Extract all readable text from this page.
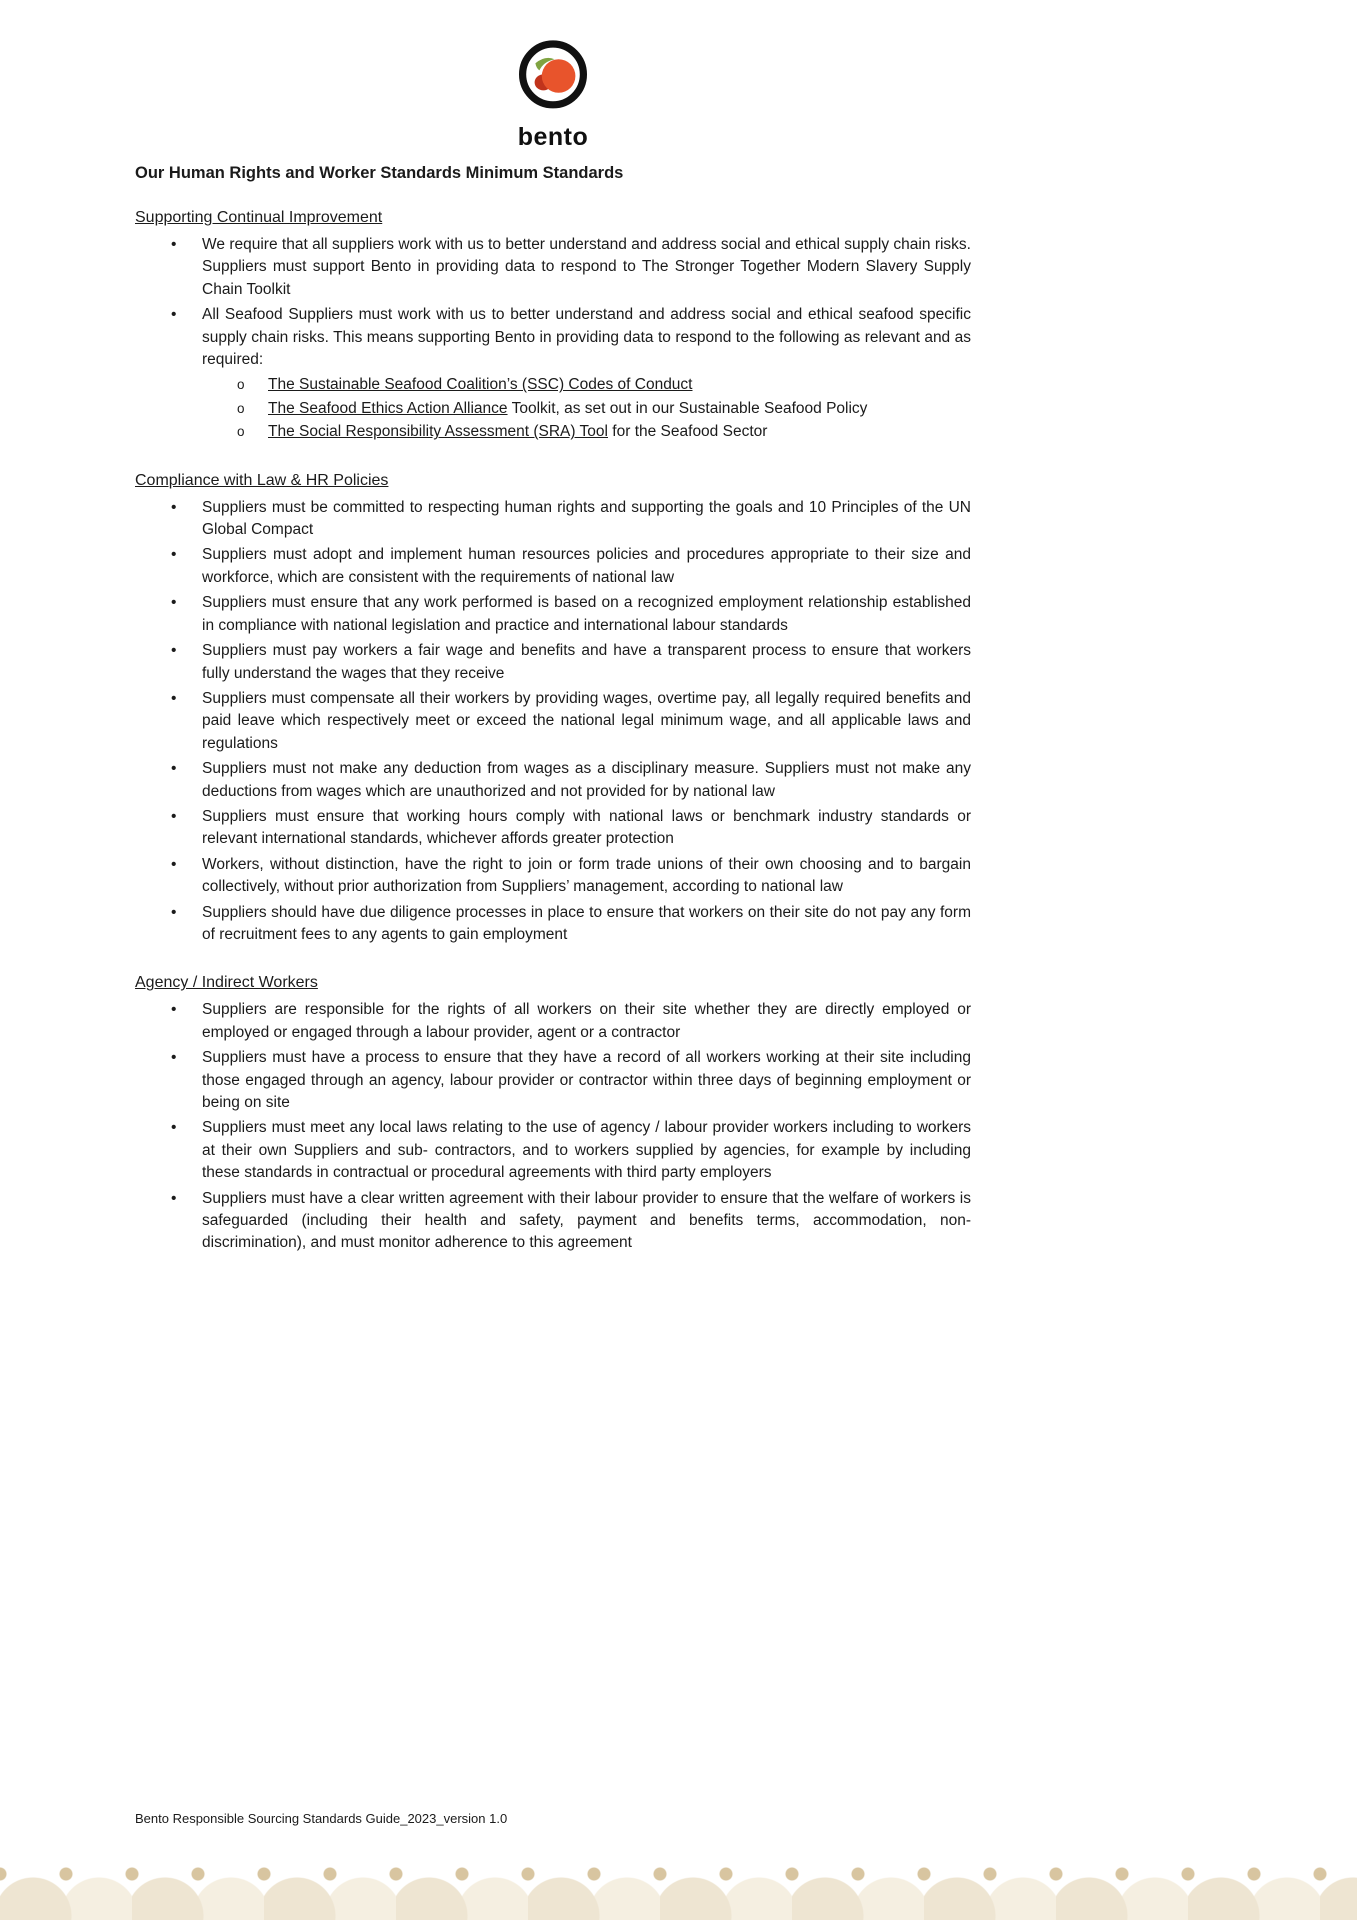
bento
Our Human Rights and Worker Standards Minimum Standards
Supporting Continual Improvement
• We require that all suppliers work with us to better understand and address social and ethical supply chain risks. Suppliers must support Bento in providing data to respond to The Stronger Together Modern Slavery Supply Chain Toolkit
• All Seafood Suppliers must work with us to better understand and address social and ethical seafood specific supply chain risks. This means supporting Bento in providing data to respond to the following as relevant and as required:
o The Sustainable Seafood Coalition’s (SSC) Codes of Conduct
o The Seafood Ethics Action Alliance Toolkit, as set out in our Sustainable Seafood Policy
o The Social Responsibility Assessment (SRA) Tool for the Seafood Sector
Compliance with Law & HR Policies
• Suppliers must be committed to respecting human rights and supporting the goals and 10 Principles of the UN Global Compact
• Suppliers must adopt and implement human resources policies and procedures appropriate to their size and workforce, which are consistent with the requirements of national law
• Suppliers must ensure that any work performed is based on a recognized employment relationship established in compliance with national legislation and practice and international labour standards
• Suppliers must pay workers a fair wage and benefits and have a transparent process to ensure that workers fully understand the wages that they receive
• Suppliers must compensate all their workers by providing wages, overtime pay, all legally required benefits and paid leave which respectively meet or exceed the national legal minimum wage, and all applicable laws and regulations
• Suppliers must not make any deduction from wages as a disciplinary measure. Suppliers must not make any deductions from wages which are unauthorized and not provided for by national law
• Suppliers must ensure that working hours comply with national laws or benchmark industry standards or relevant international standards, whichever affords greater protection
• Workers, without distinction, have the right to join or form trade unions of their own choosing and to bargain collectively, without prior authorization from Suppliers’ management, according to national law
• Suppliers should have due diligence processes in place to ensure that workers on their site do not pay any form of recruitment fees to any agents to gain employment
Agency / Indirect Workers
• Suppliers are responsible for the rights of all workers on their site whether they are directly employed or employed or engaged through a labour provider, agent or a contractor
• Suppliers must have a process to ensure that they have a record of all workers working at their site including those engaged through an agency, labour provider or contractor within three days of beginning employment or being on site
• Suppliers must meet any local laws relating to the use of agency / labour provider workers including to workers at their own Suppliers and sub- contractors, and to workers supplied by agencies, for example by including these standards in contractual or procedural agreements with third party employers
• Suppliers must have a clear written agreement with their labour provider to ensure that the welfare of workers is safeguarded (including their health and safety, payment and benefits terms, accommodation, non- discrimination), and must monitor adherence to this agreement
Bento Responsible Sourcing Standards Guide_2023_version 1.0
